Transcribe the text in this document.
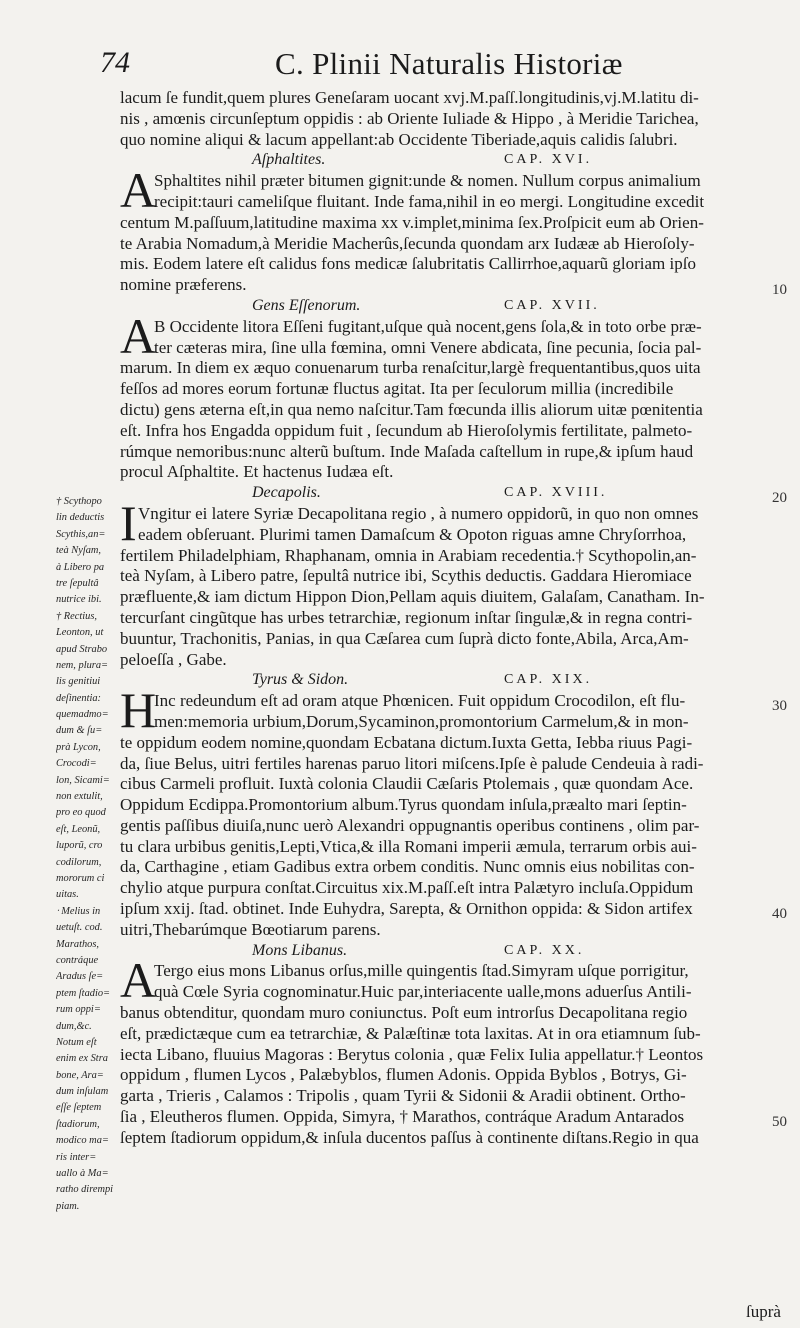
74	C. Plinii Naturalis Historiæ
lacum ſe fundit,quem plures Geneſaram uocant xvj.M.paſſ.longitudinis,vj.M.latitu di-
nis , amœnis circunſeptum oppidis : ab Oriente Iuliade & Hippo , à Meridie Tarichea,
quo nomine aliqui & lacum appellant:ab Occidente Tiberiade,aquis calidis ſalubri.
Aſphaltites.	CAP. XVI.
A
Sphaltites nihil præter bitumen gignit:unde & nomen. Nullum corpus animalium
recipit:tauri cameliſque fluitant. Inde fama,nihil in eo mergi. Longitudine excedit
centum M.paſſuum,latitudine maxima xx v.implet,minima ſex.Proſpicit eum ab Orien-
te Arabia Nomadum,à Meridie Macherûs,ſecunda quondam arx Iudææ ab Hieroſoly-
mis. Eodem latere eſt calidus fons medicæ ſalubritatis Callirrhoe,aquarũ gloriam ipſo
nomine præferens.
Gens Eſſenorum.	CAP. XVII.
A
B Occidente litora Eſſeni fugitant,uſque quà nocent,gens ſola,& in toto orbe præ-
ter cæteras mira, ſine ulla fœmina, omni Venere abdicata, ſine pecunia, ſocia pal-
marum. In diem ex æquo conuenarum turba renaſcitur,largè frequentantibus,quos uita
feſſos ad mores eorum fortunæ fluctus agitat. Ita per ſeculorum millia (incredibile
dictu) gens æterna eſt,in qua nemo naſcitur.Tam fœcunda illis aliorum uitæ pœnitentia
eſt. Infra hos Engadda oppidum fuit , ſecundum ab Hieroſolymis fertilitate, palmeto-
rúmque nemoribus:nunc alterũ buſtum. Inde Maſada caſtellum in rupe,& ipſum haud
procul Aſphaltite. Et hactenus Iudæa eſt.
Decapolis.	CAP. XVIII.
I Vngitur ei latere Syriæ Decapolitana regio , à numero oppidorũ, in quo non omnes
eadem obſeruant. Plurimi tamen Damaſcum & Opoton riguas amne Chryſorrhoa,
fertilem Philadelphiam, Rhaphanam, omnia in Arabiam recedentia.† Scythopolin,an-
teà Nyſam, à Libero patre, ſepultâ nutrice ibi, Scythis deductis. Gaddara Hieromiace
præfluente,& iam dictum Hippon Dion,Pellam aquis diuitem, Galaſam, Canatham. In-
tercurſant cingũtque has urbes tetrarchiæ, regionum inſtar ſingulæ,& in regna contri-
buuntur, Trachonitis, Panias, in qua Cæſarea cum ſuprà dicto fonte,Abila, Arca,Am-
peloeſſa , Gabe.
Tyrus & Sidon.	CAP. XIX.
H
Inc redeundum eſt ad oram atque Phœnicen. Fuit oppidum Crocodilon, eſt flu-
men:memoria urbium,Dorum,Sycaminon,promontorium Carmelum,& in mon-
te oppidum eodem nomine,quondam Ecbatana dictum.Iuxta Getta, Iebba riuus Pagi-
da, ſiue Belus, uitri fertiles harenas paruo litori miſcens.Ipſe è palude Cendeuia à radi-
cibus Carmeli profluit. Iuxtà colonia Claudii Cæſaris Ptolemais , quæ quondam Ace.
Oppidum Ecdippa.Promontorium album.Tyrus quondam inſula,præalto mari ſeptin-
gentis paſſibus diuiſa,nunc uerò Alexandri oppugnantis operibus continens , olim par-
tu clara urbibus genitis,Lepti,Vtica,& illa Romani imperii æmula, terrarum orbis aui-
da, Carthagine , etiam Gadibus extra orbem conditis. Nunc omnis eius nobilitas con-
chylio atque purpura conſtat.Circuitus xix.M.paſſ.eſt intra Palætyro incluſa.Oppidum
ipſum xxij. ſtad. obtinet. Inde Euhydra, Sarepta, & Ornithon oppida: & Sidon artifex
uitri,Thebarúmque Bœotiarum parens.
Mons Libanus.	CAP. XX.
A
Tergo eius mons Libanus orſus,mille quingentis ſtad.Simyram uſque porrigitur,
quà Cœle Syria cognominatur.Huic par,interiacente ualle,mons aduerſus Antili-
banus obtenditur, quondam muro coniunctus. Poſt eum introrſus Decapolitana regio
eſt, prædictæque cum ea tetrarchiæ, & Palæſtinæ tota laxitas. At in ora etiamnum ſub-
iecta Libano, fluuius Magoras : Berytus colonia , quæ Felix Iulia appellatur.† Leontos
oppidum , flumen Lycos , Palæbyblos, flumen Adonis. Oppida Byblos , Botrys, Gi-
garta , Trieris , Calamos : Tripolis , quam Tyrii & Sidonii & Aradii obtinent. Ortho-
ſia , Eleutheros flumen. Oppida, Simyra, † Marathos, contráque Aradum Antarados
ſeptem ſtadiorum oppidum,& inſula ducentos paſſus à continente diſtans.Regio in qua
ſuprà
10
20
30
40
50
† Scythopo
lin deductis
Scythis,an=
teà Nyſam,
à Libero pa
tre ſepultâ
nutrice ibi.
† Rectius,
Leonton, ut
apud Strabo
nem, plura=
lis genitiui
deſinentia:
quemadmo=
dum & ſu=
prà Lycon,
Crocodi=
lon, Sicami=
non extulit,
pro eo quod
eſt, Leonũ,
luporũ, cro
codilorum,
mororum ci
uitas.
ᐧ Melius in
uetuſt. cod.
Marathos,
contráque
Aradus ſe=
ptem ſtadio=
rum oppi=
dum,&c.
Notum eſt
enim ex Stra
bone, Ara=
dum inſulam
eſſe ſeptem
ſtadiorum,
modico ma=
ris inter=
uallo à Ma=
ratho dirempi
piam.
